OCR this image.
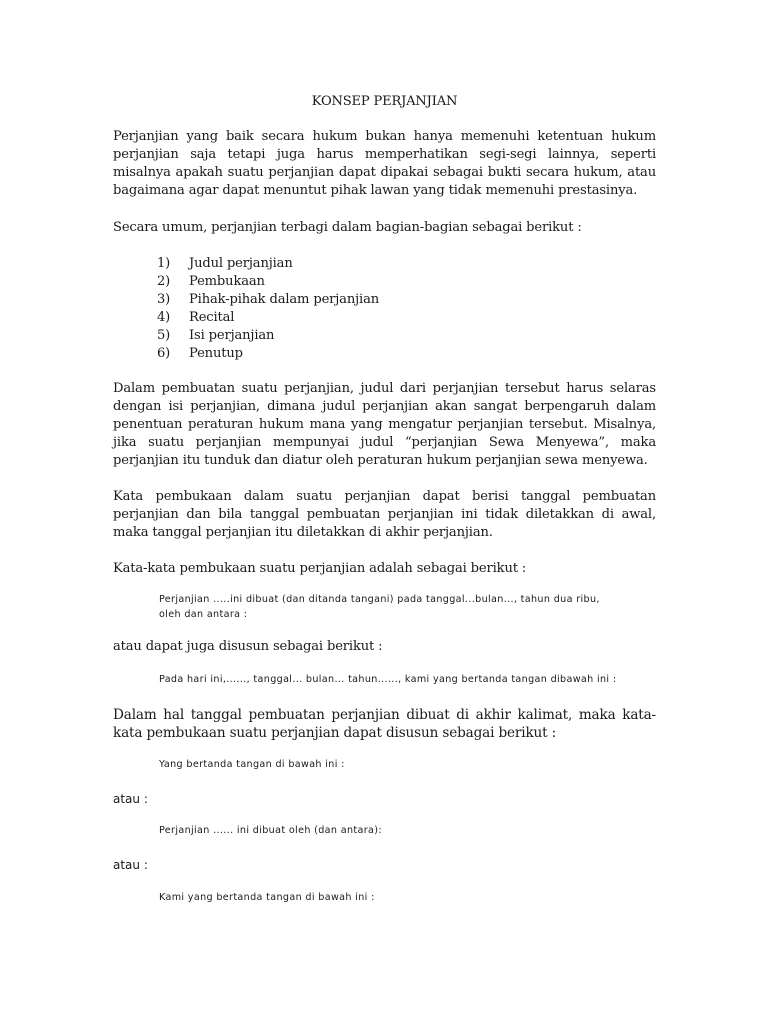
KONSEP PERJANJIAN

Perjanjian yang baik secara hukum bukan hanya memenuhi ketentuan hukum perjanjian saja tetapi juga harus memperhatikan segi-segi lainnya, seperti misalnya apakah suatu perjanjian dapat dipakai sebagai bukti secara hukum, atau bagaimana agar dapat menuntut pihak lawan yang tidak memenuhi prestasinya.

Secara umum, perjanjian terbagi dalam bagian-bagian sebagai berikut :

1) Judul perjanjian
2) Pembukaan
3) Pihak-pihak dalam perjanjian
4) Recital
5) Isi perjanjian
6) Penutup

Dalam pembuatan suatu perjanjian, judul dari perjanjian tersebut harus selaras dengan isi perjanjian, dimana judul perjanjian akan sangat berpengaruh dalam penentuan peraturan hukum mana yang mengatur perjanjian tersebut. Misalnya, jika suatu perjanjian mempunyai judul “perjanjian Sewa Menyewa”, maka perjanjian itu tunduk dan diatur oleh peraturan hukum perjanjian sewa menyewa.

Kata pembukaan dalam suatu perjanjian dapat berisi tanggal pembuatan perjanjian dan bila tanggal pembuatan perjanjian ini tidak diletakkan di awal, maka tanggal perjanjian itu diletakkan di akhir perjanjian.

Kata-kata pembukaan suatu perjanjian adalah sebagai berikut :

Perjanjian .....ini dibuat (dan ditanda tangani) pada tanggal...bulan..., tahun dua ribu,
oleh dan antara :

atau dapat juga disusun sebagai berikut :

Pada hari ini,......, tanggal... bulan... tahun......, kami yang bertanda tangan dibawah ini :

Dalam hal tanggal pembuatan perjanjian dibuat di akhir kalimat, maka kata-kata pembukaan suatu perjanjian dapat disusun sebagai berikut :

Yang bertanda tangan di bawah ini :
atau :
Perjanjian ...... ini dibuat oleh (dan antara):
atau :
Kami yang bertanda tangan di bawah ini :
